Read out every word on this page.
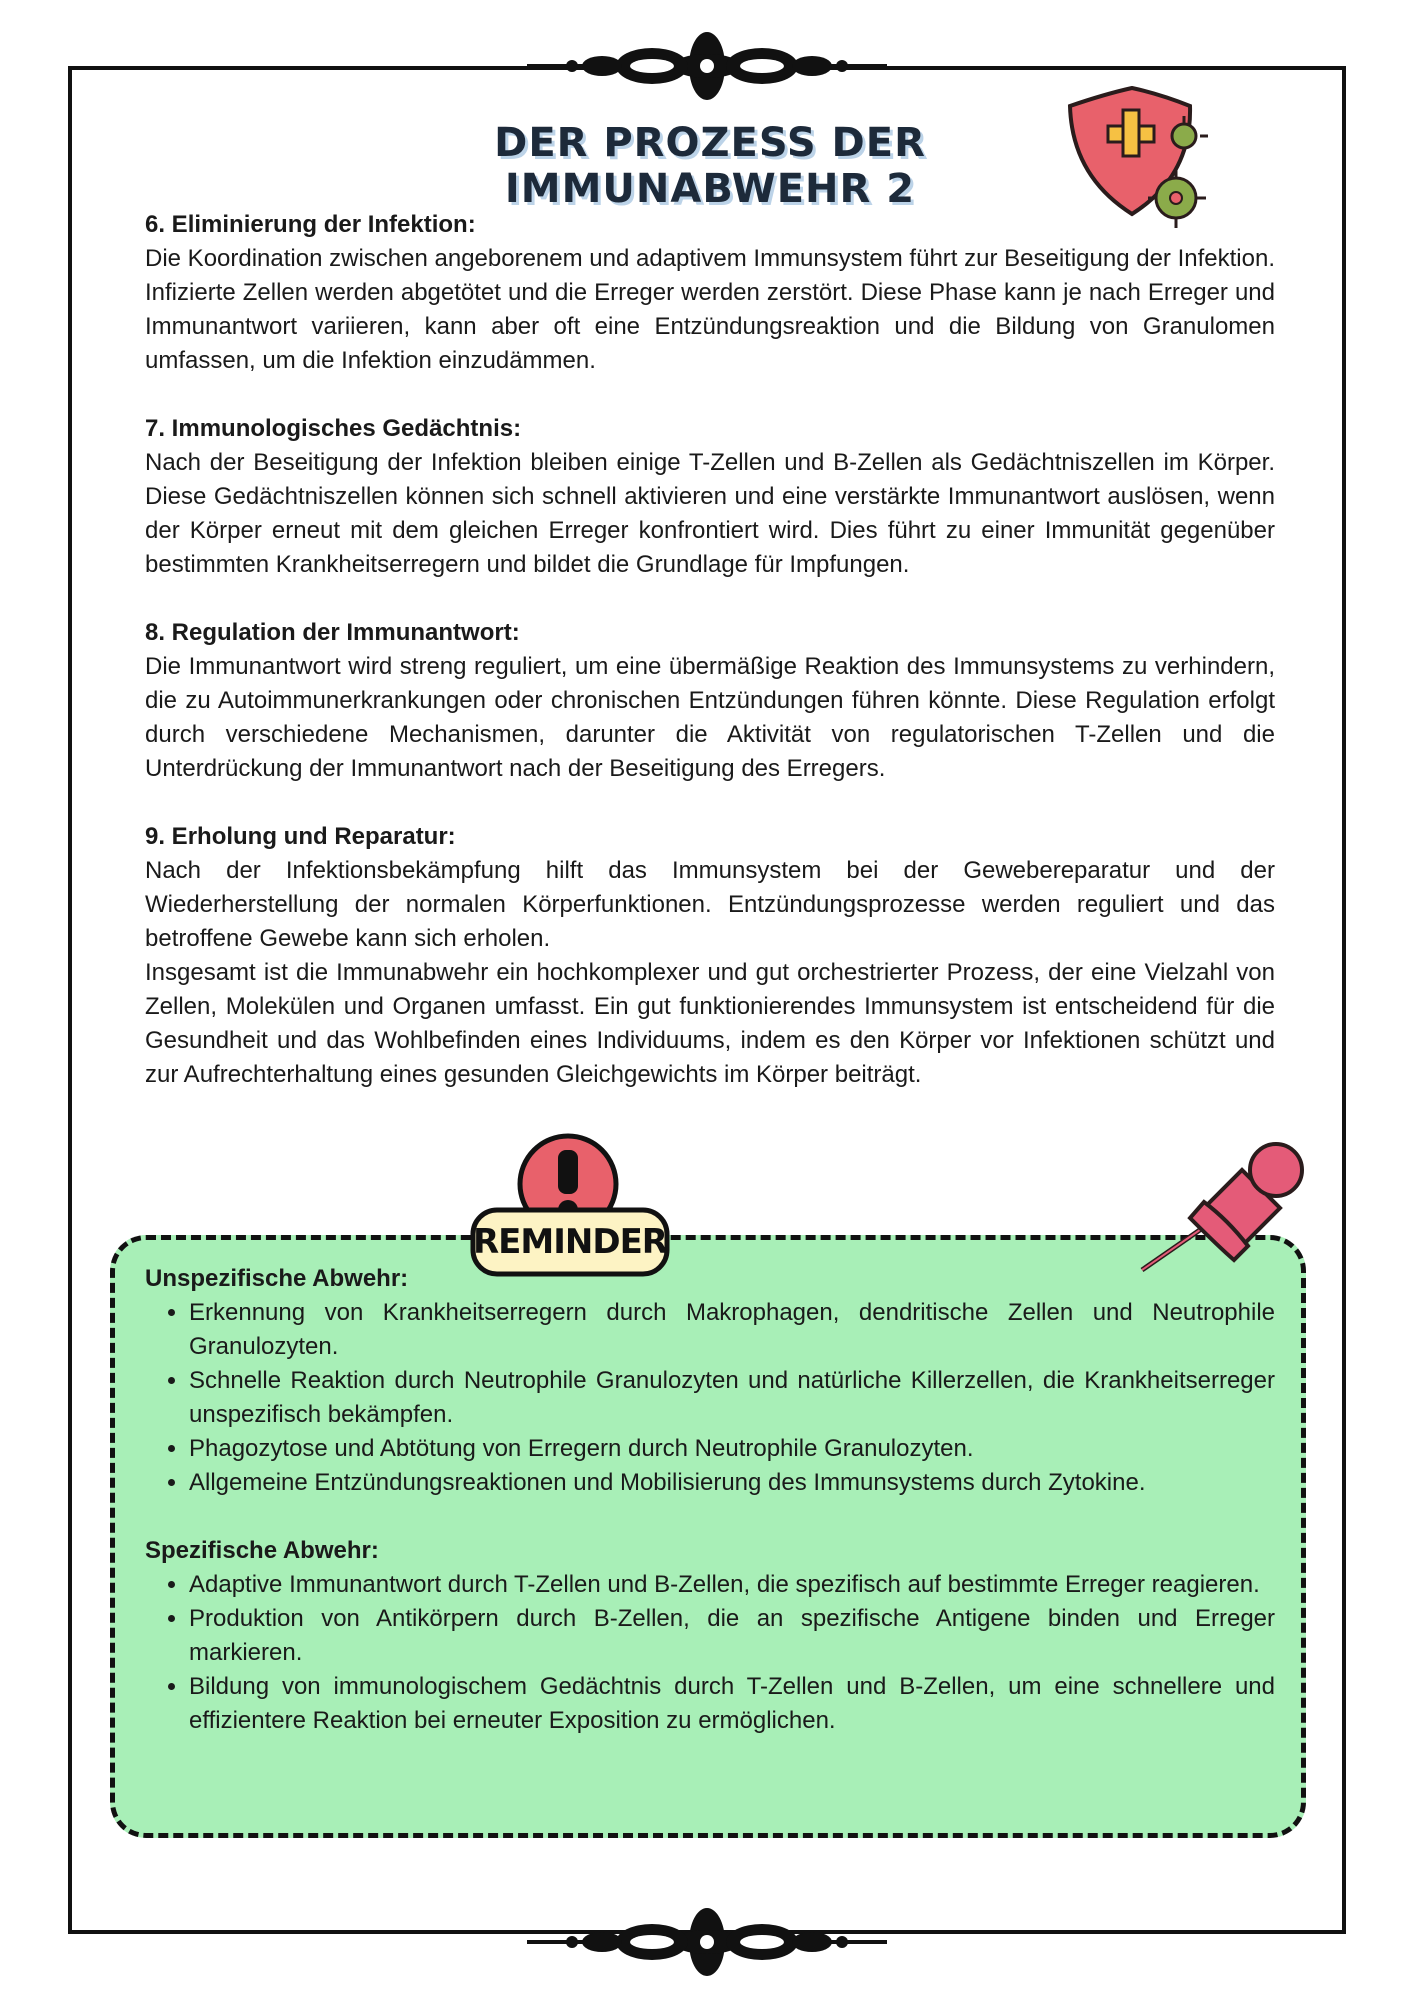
DER PROZESS DER IMMUNABWEHR 2
6. Eliminierung der Infektion:

Die Koordination zwischen angeborenem und adaptivem Immunsystem führt zur Beseitigung der Infektion. Infizierte Zellen werden abgetötet und die Erreger werden zerstört. Diese Phase kann je nach Erreger und Immunantwort variieren, kann aber oft eine Entzündungsreaktion und die Bildung von Granulomen umfassen, um die Infektion einzudämmen.

7. Immunologisches Gedächtnis:

Nach der Beseitigung der Infektion bleiben einige T-Zellen und B-Zellen als Gedächtniszellen im Körper. Diese Gedächtniszellen können sich schnell aktivieren und eine verstärkte Immunantwort auslösen, wenn der Körper erneut mit dem gleichen Erreger konfrontiert wird. Dies führt zu einer Immunität gegenüber bestimmten Krankheitserregern und bildet die Grundlage für Impfungen.

8. Regulation der Immunantwort:

Die Immunantwort wird streng reguliert, um eine übermäßige Reaktion des Immunsystems zu verhindern, die zu Autoimmunerkrankungen oder chronischen Entzündungen führen könnte. Diese Regulation erfolgt durch verschiedene Mechanismen, darunter die Aktivität von regulatorischen T-Zellen und die Unterdrückung der Immunantwort nach der Beseitigung des Erregers.

9. Erholung und Reparatur:

Nach der Infektionsbekämpfung hilft das Immunsystem bei der Gewebereparatur und der Wiederherstellung der normalen Körperfunktionen. Entzündungsprozesse werden reguliert und das betroffene Gewebe kann sich erholen.

Insgesamt ist die Immunabwehr ein hochkomplexer und gut orchestrierter Prozess, der eine Vielzahl von Zellen, Molekülen und Organen umfasst. Ein gut funktionierendes Immunsystem ist entscheidend für die Gesundheit und das Wohlbefinden eines Individuums, indem es den Körper vor Infektionen schützt und zur Aufrechterhaltung eines gesunden Gleichgewichts im Körper beiträgt.

REMINDER
Unspezifische Abwehr:
• Erkennung von Krankheitserregern durch Makrophagen, dendritische Zellen und Neutrophile Granulozyten.
• Schnelle Reaktion durch Neutrophile Granulozyten und natürliche Killerzellen, die Krankheitserreger unspezifisch bekämpfen.
• Phagozytose und Abtötung von Erregern durch Neutrophile Granulozyten.
• Allgemeine Entzündungsreaktionen und Mobilisierung des Immunsystems durch Zytokine.
Spezifische Abwehr:
• Adaptive Immunantwort durch T-Zellen und B-Zellen, die spezifisch auf bestimmte Erreger reagieren.
• Produktion von Antikörpern durch B-Zellen, die an spezifische Antigene binden und Erreger markieren.
• Bildung von immunologischem Gedächtnis durch T-Zellen und B-Zellen, um eine schnellere und effizientere Reaktion bei erneuter Exposition zu ermöglichen.
